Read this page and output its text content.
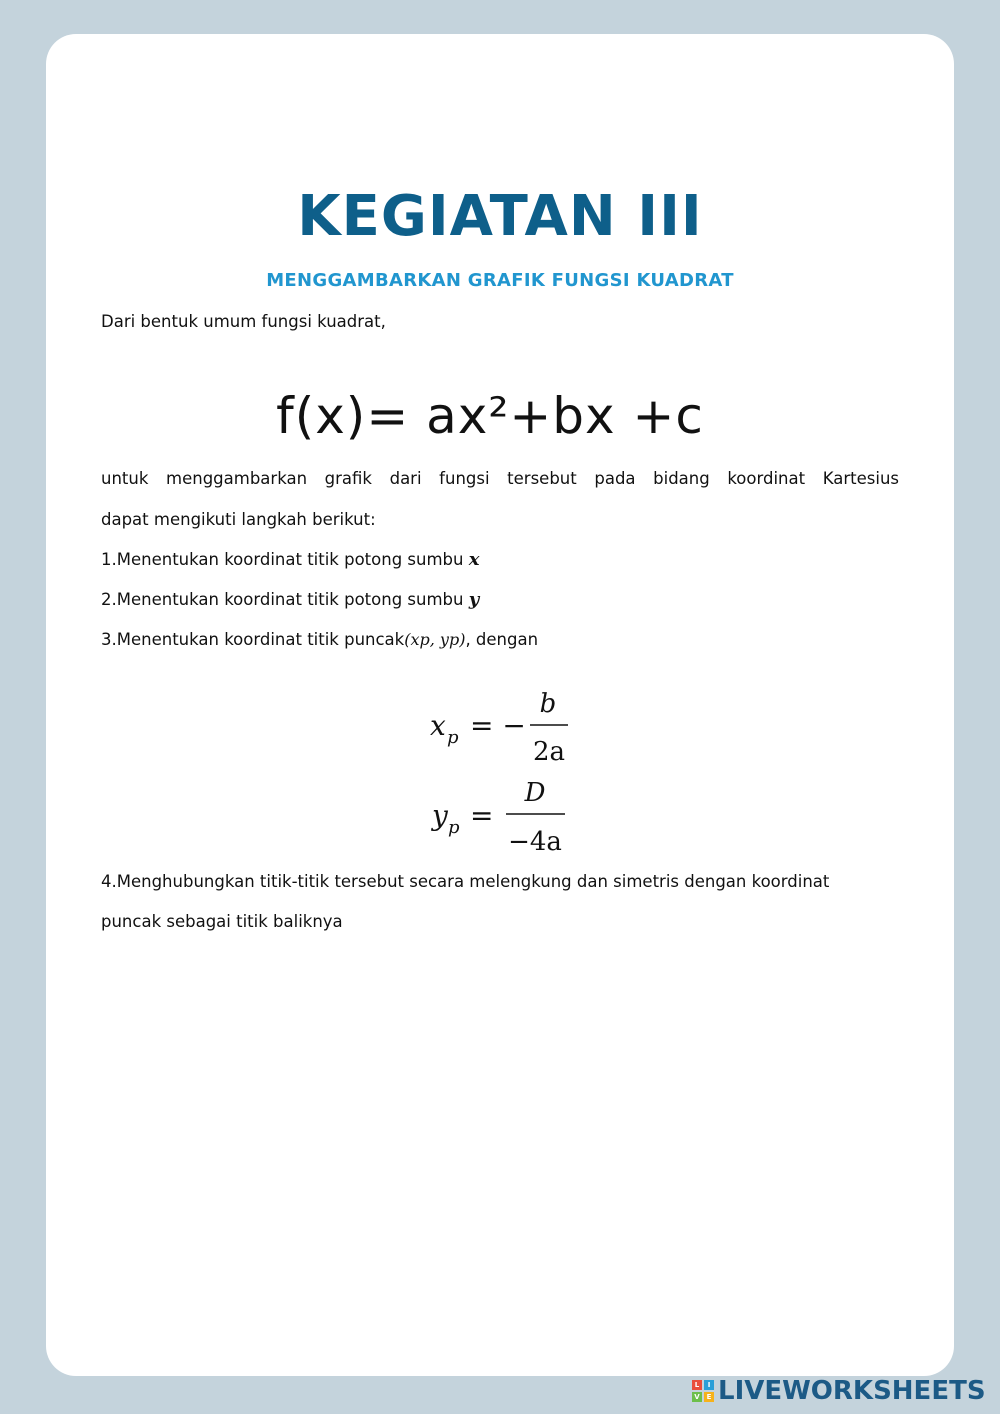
KEGIATAN III
MENGGAMBARKAN GRAFIK FUNGSI KUADRAT
Dari bentuk umum fungsi kuadrat,
f(x)= ax²+bx +c
untuk menggambarkan grafik dari fungsi tersebut pada bidang koordinat Kartesius
dapat mengikuti langkah berikut:
1.Menentukan koordinat titik potong sumbu x
2.Menentukan koordinat titik potong sumbu y
3.Menentukan koordinat titik puncak(xp, yp), dengan
x p = −
b
2a
y p =
D
−4a
4.Menghubungkan titik-titik tersebut secara melengkung dan simetris dengan koordinat
puncak sebagai titik baliknya
L	I
V E LIVEWORKSHEETS
